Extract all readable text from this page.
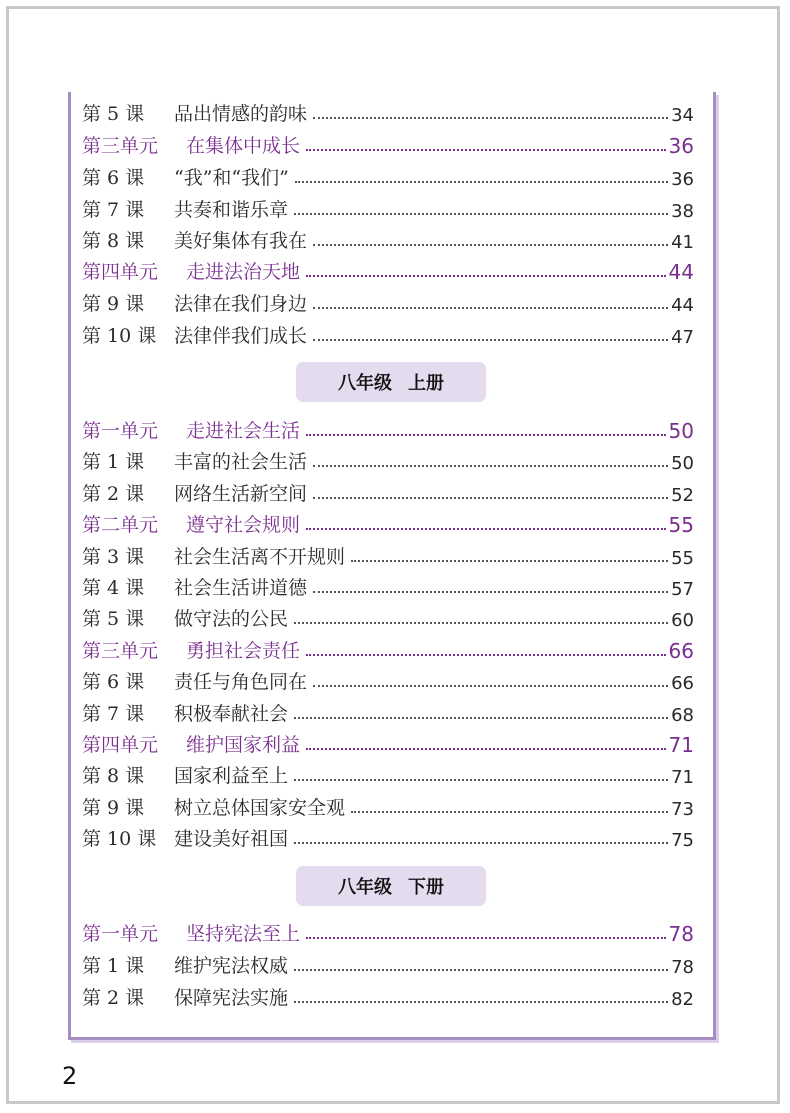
第 5 课	品出情感的韵味	34
第三单元	在集体中成长	36
第 6 课	“我”和“我们”	36
第 7 课	共奏和谐乐章	38
第 8 课	美好集体有我在	41
第四单元	走进法治天地	44
第 9 课	法律在我们身边	44
第 10 课 法律伴我们成长	47
八年级 上册
第一单元	走进社会生活	50
第 1 课	丰富的社会生活	50
第 2 课	网络生活新空间	52
第二单元	遵守社会规则	55
第 3 课	社会生活离不开规则	55
第 4 课	社会生活讲道德	57
第 5 课	做守法的公民	60
第三单元	勇担社会责任	66
第 6 课	责任与角色同在	66
第 7 课	积极奉献社会	68
第四单元	维护国家利益	71
第 8 课	国家利益至上	71
第 9 课	树立总体国家安全观	73
第 10 课 建设美好祖国	75
八年级 下册
第一单元	坚持宪法至上	78
第 1 课	维护宪法权威	78
第 2 课	保障宪法实施	82
2
